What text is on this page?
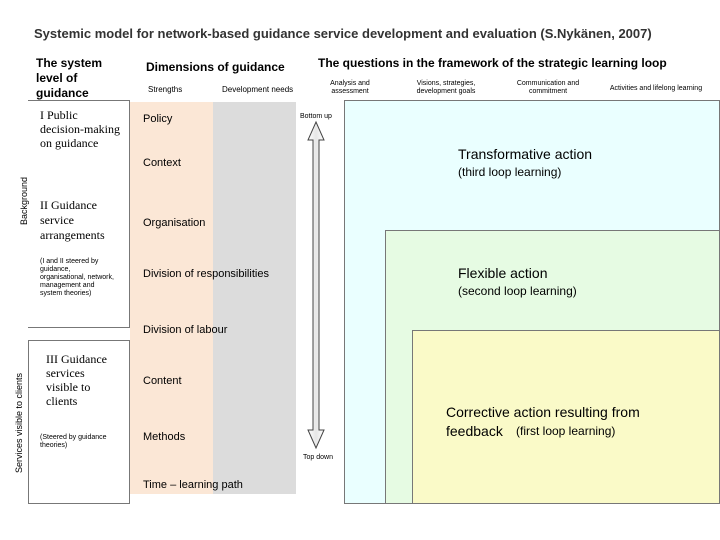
Systemic model for network-based guidance service development and evaluation (S.Nykänen, 2007)
The system level of guidance
Dimensions of guidance
Strengths	Development needs
The questions in the framework of the strategic learning loop
Analysis and assessment
Visions, strategies, development goals
Communication and commitment	Activities and lifelong learning
Background
Services visible to clients
I Public decision-making on guidance
II Guidance service arrangements
(I and II steered by guidance, organisational, network, management and system theories)
III Guidance services visible to clients
(Steered by guidance theories)
Policy
Context
Organisation
Division of responsibilities
Division of labour
Content
Methods
Time – learning path
Bottom up
Top down
Transformative action
(third loop learning)
Flexible action
(second loop learning)
Corrective action resulting from feedback	(first loop learning)
